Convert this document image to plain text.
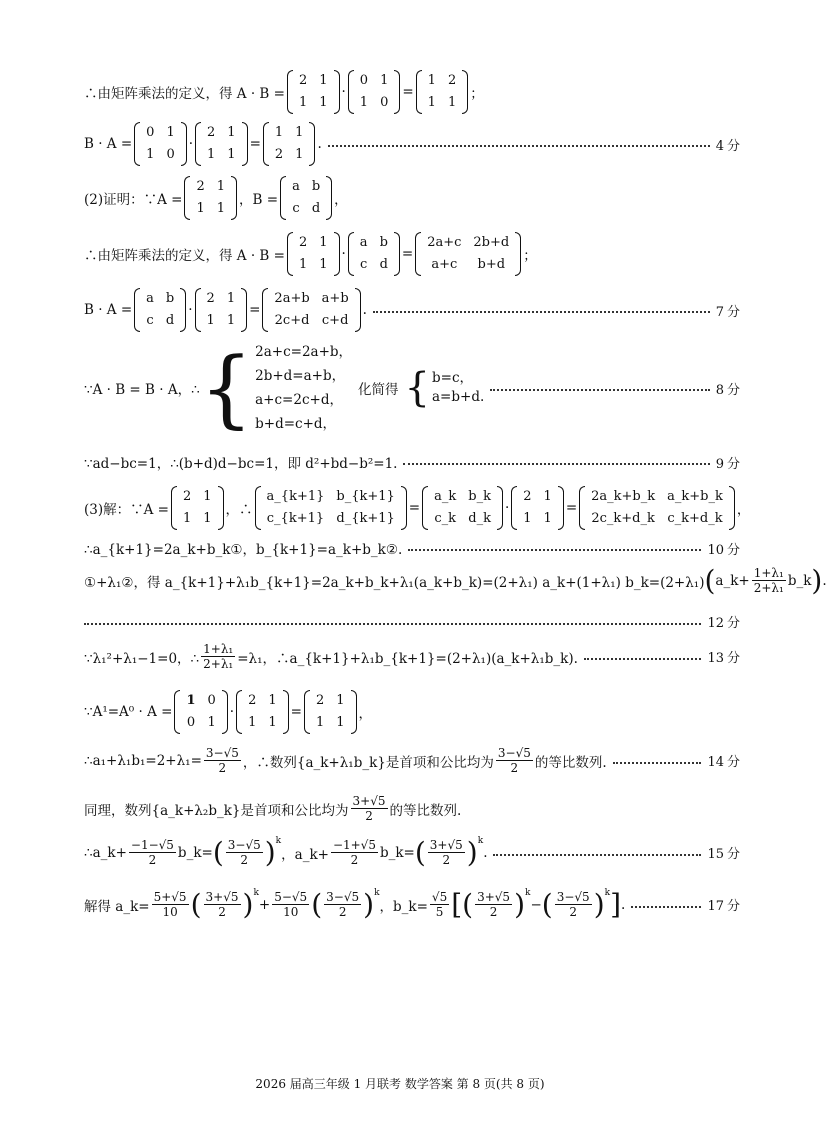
∴由矩阵乘法的定义，得 A · B =
2	1
1	1
·
0	1
1	0
=
1	2
1	1
；
B · A =
0	1
1	0
·
2	1
1	1
=
1	1
2	1
.	4 分
(2)证明：∵A =
2	1
1	1
，B =
a	b
c	d
，
∴由矩阵乘法的定义，得 A · B =
2	1
1	1
·
a	b
c	d
=
2a+c	2b+d
a+c	b+d
；
B · A =
a	b
c	d
·
2	1
1	1
=
2a+b	a+b
2c+d	c+d
.	7 分
∵A · B = B · A，∴ { 2a+c=2a+b，
2b+d=a+b，
a+c=2c+d，
b+d=c+d，
化简得 { b=c，
a=b+d.	8 分
∵ad−bc=1，∴(b+d)d−bc=1，即 d²+bd−b²=1.	9 分
(3)解：∵A =
2	1
1	1
，∴
a_{k+1}	b_{k+1}
c_{k+1}	d_{k+1}
=
a_k	b_k
c_k	d_k
·
2	1
1	1
=
2a_k+b_k	a_k+b_k
2c_k+d_k	c_k+d_k
，
∴a_{k+1}=2a_k+b_k①，b_{k+1}=a_k+b_k②.	10 分
①+λ₁②，得 a_{k+1}+λ₁b_{k+1}=2a_k+b_k+λ₁(a_k+b_k)=(2+λ₁) a_k+(1+λ₁) b_k=(2+λ₁) ( a_k+ $\frac{\text{1+λ₁}}{\text{2+λ₁}}$ b_k ) .
12 分
∵λ₁²+λ₁−1=0，∴ $\frac{\text{1+λ₁}}{\text{2+λ₁}} =\lambda_1$，∴a_{k+1}+λ₁b_{k+1}=(2+λ₁)(a_k+λ₁b_k).	13 分
∵A¹=A⁰ · A =
1	0
0	1
·
2	1
1	1
=
2	1
1	1
，
∴a₁+λ₁b₁=2+λ₁= $\frac{3-√5}{2}$ ，∴数列{a_k+λ₁b_k}是首项和公比均为 $\frac{3-√5}{2}$ 的等比数列.	14 分
同理，数列{a_k+λ₂b_k}是首项和公比均为 $\frac{3+√5}{2}$ 的等比数列.
∴a_k+ $\frac{-1-√5}{2}$ b_k= ( $\frac{3-√5}{2}$ ) k
，a_k+ $\frac{-1+√5}{2}$ b_k= ( $\frac{3+√5}{2}$ ) k
.	15 分
解得 a_k= $\frac{5+√5}{10}$ ( $\frac{3+√5}{2}$ ) k
+ $\frac{5-√5}{10}$ ( $\frac{3-√5}{2}$ ) k
，b_k= $\frac{√5}{5}$ [ ( $\frac{3+√5}{2}$ ) k
− ( $\frac{3-√5}{2}$ ) k ] .	17 分
2026 届高三年级 1 月联考 数学答案 第 8 页(共 8 页)
